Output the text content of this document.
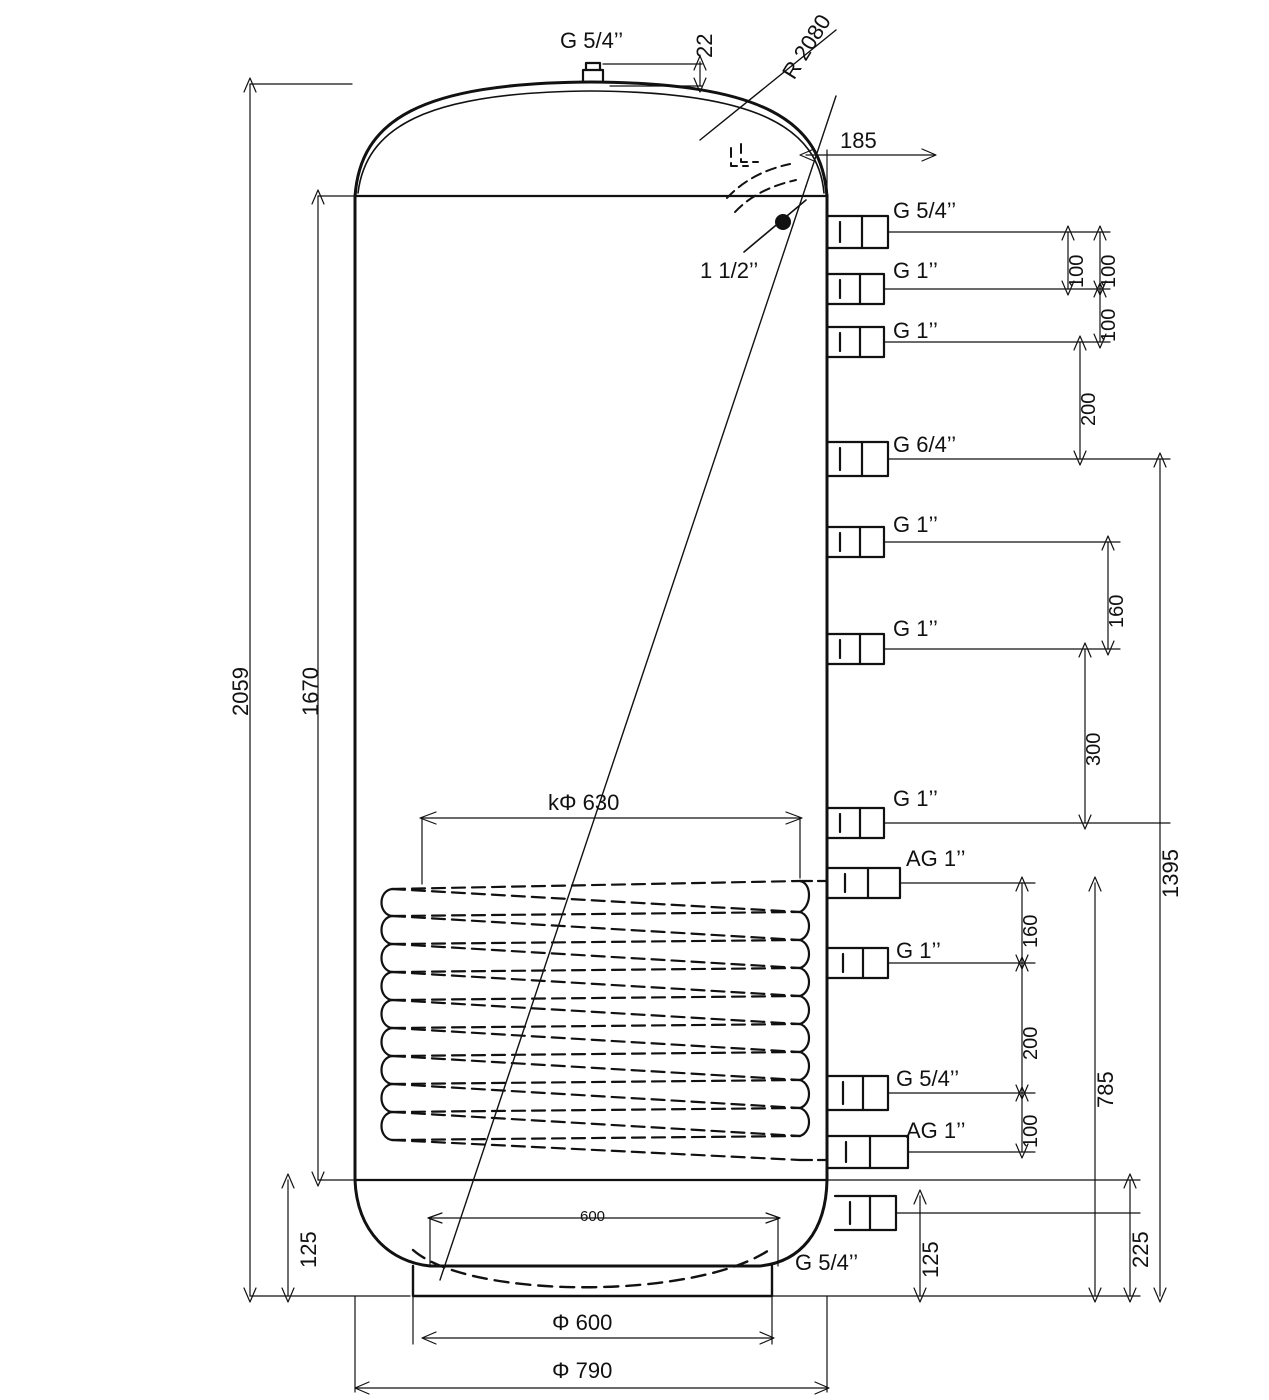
G 5/4’’	22	R 2080
185
1 1/2’’
G 5/4’’
G 1’’
G 1’’
G 6/4’’
G 1’’
G 1’’
G 1’’
AG 1’’
G 1’’
G 5/4’’
AG 1’’
G 5/4’’
2059 1670
125
100 100
100
200
160
300
160
200
100
1395
785
225
125
kΦ 630
600
Φ 600
Φ 790
